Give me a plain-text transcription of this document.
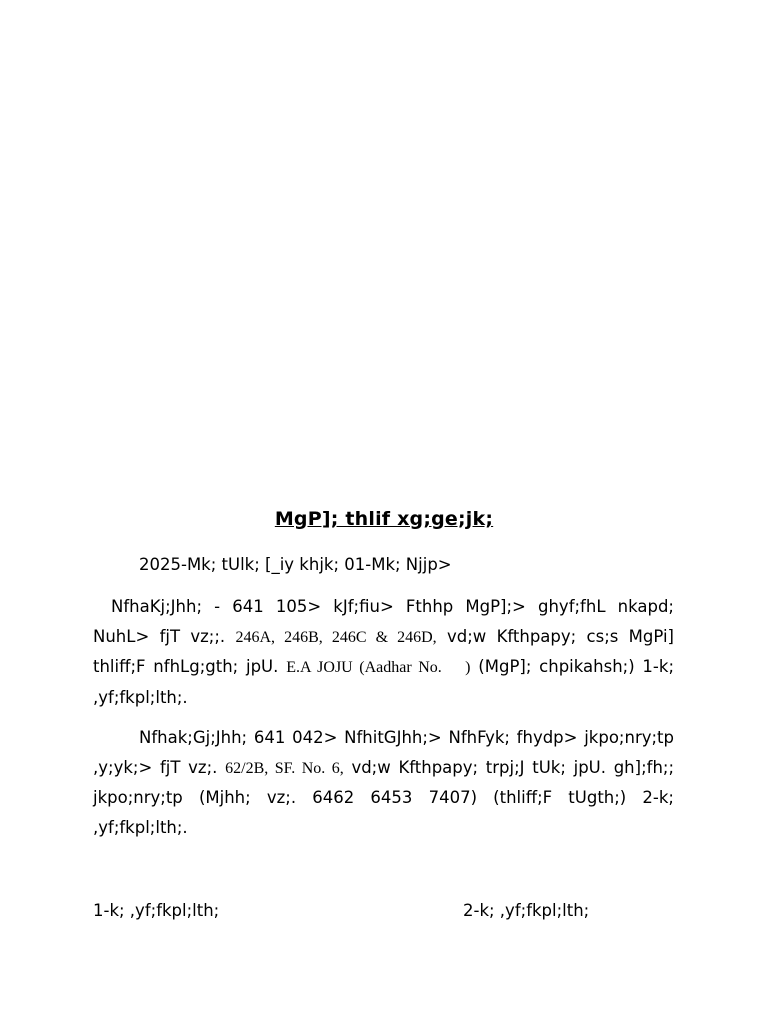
MgP]; thlif xg;ge;jk;
2025-Mk; tUlk; [_iy khjk; 01-Mk; Njjp>
NfhaKj;Jhh; - 641 105> kJf;fiu> Fthhp MgP];> ghyf;fhL nkapd; NuhL> fjT vz;;. 246A, 246B, 246C & 246D, vd;w Kfthpapy; cs;s MgPi] thliff;F nfhLg;gth; jpU. E.A JOJU (Aadhar No. ) (MgP]; chpikahsh;) 1-k; ,yf;fkpl;lth;.
Nfhak;Gj;Jhh; 641 042> NfhitGJhh;> NfhFyk; fhydp> jkpo;nry;tp ,y;yk;> fjT vz;. 62/2B, SF. No. 6, vd;w Kfthpapy; trpj;J tUk; jpU. gh];fh;; jkpo;nry;tp (Mjhh; vz;. 6462 6453 7407) (thliff;F tUgth;) 2-k; ,yf;fkpl;lth;.
1-k; ,yf;fkpl;lth;	2-k; ,yf;fkpl;lth;
